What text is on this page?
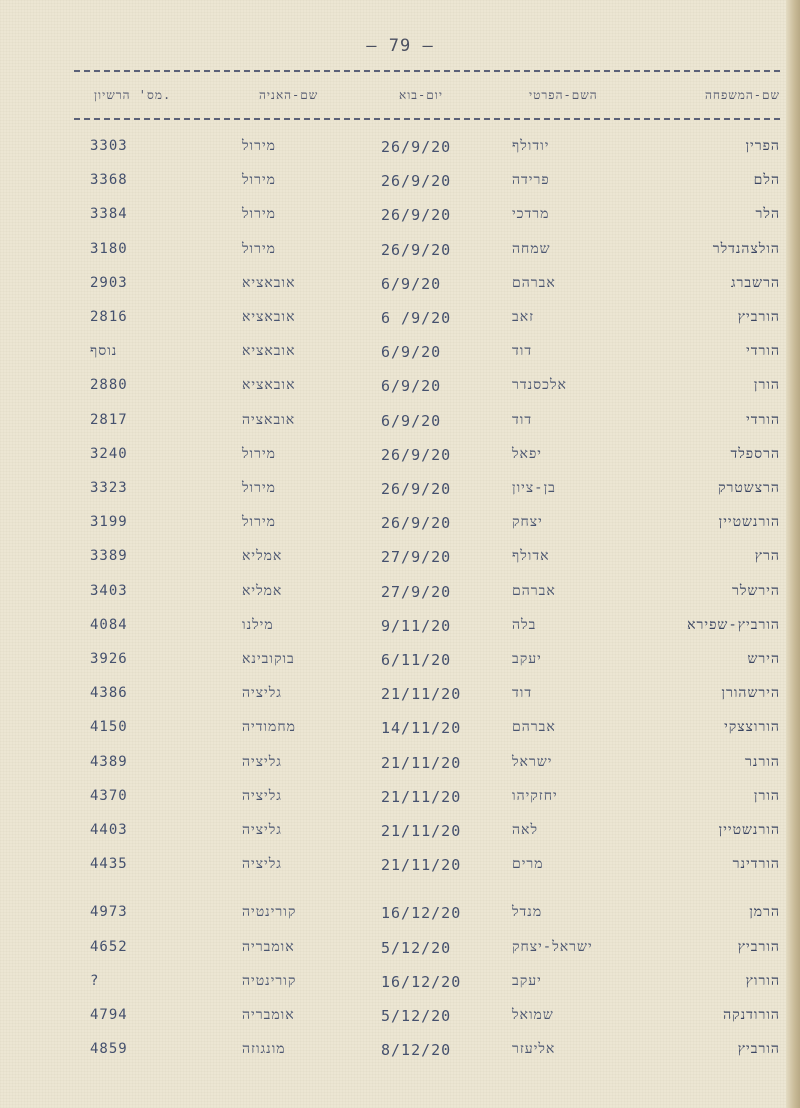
— 79 —
שם-המשפחה
השם-הפרטי
יום-בוא
שם-האניה
מס' הרשיון.
הפרין
יודולף
26/9/20
מירול
3303
הלם
פרידה
26/9/20
מירול
3368
הלר
מרדכי
26/9/20
מירול
3384
הולצהנדלר
שמחה
26/9/20
מירול
3180
הרשברג
אברהם
6/9/20
אובאציא
2903
הורביץ
זאב
6 /9/20
אובאציא
2816
הורדי
דוד
6/9/20
אובאציא
נוסף
הורן
אלכסנדר
6/9/20
אובאציא
2880
הורדי
דוד
6/9/20
אובאציה
2817
הרספלד
יפאל
26/9/20
מירול
3240
הרצשטרק
בן-ציון
26/9/20
מירול
3323
הורנשטיין
יצחק
26/9/20
מירול
3199
הרץ
אדולף
27/9/20
אמליא
3389
הירשלר
אברהם
27/9/20
אמליא
3403
הורביץ-שפירא
בלה
9/11/20
מילנו
4084
הירש
יעקב
6/11/20
בוקובינא
3926
הירשהורן
דוד
21/11/20
גליציה
4386
הורוצצקי
אברהם
14/11/20
מחמודיה
4150
הורנר
ישראל
21/11/20
גליציה
4389
הורן
יחזקיהו
21/11/20
גליציה
4370
הורנשטיין
לאה
21/11/20
גליציה
4403
הורדינר
מרים
21/11/20
גליציה
4435
הרמן
מנדל
16/12/20
קורינטיה
4973
הורביץ
ישראל-יצחק
5/12/20
אומבריה
4652
הורוץ
יעקב
16/12/20
קורינטיה
?
הורודנקה
שמואל
5/12/20
אומבריה
4794
הורביץ
אליעזר
8/12/20
מונגוזה
4859
